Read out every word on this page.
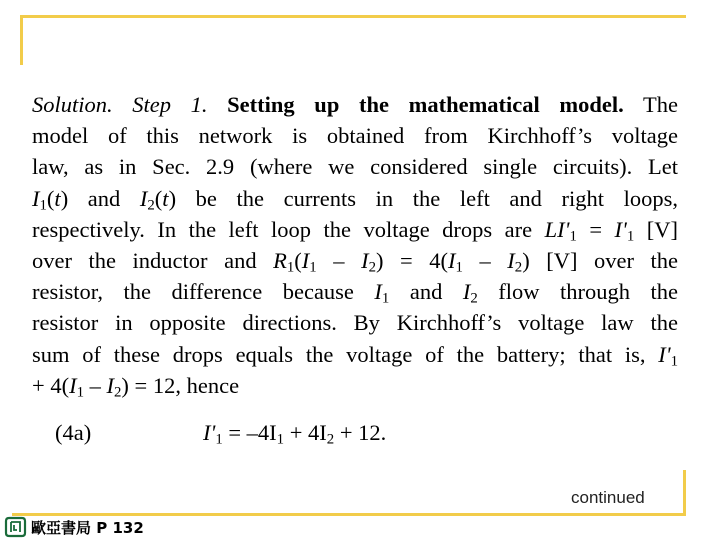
Solution. Step 1. Setting up the mathematical model. The
model of this network is obtained from Kirchhoff’s voltage
law, as in Sec. 2.9 (where we considered single circuits). Let
$I_1(t)$ and $I_2(t)$ be the currents in the left and right loops,
respectively. In the left loop the voltage drops are $LI'_1 = I'_1$ [V]
over the inductor and $R_1(I_1 - I_2) = 4(I_1 - I_2)$ [V] over the
resistor, the difference because $I_1$ and $I_2$ flow through the
resistor in opposite directions. By Kirchhoff’s voltage law the
sum of these drops equals the voltage of the battery; that is, $I'_1$
+ $4(I_1 - I_2) = 12$, hence
(4a)	$I'_1 = -4I_1 + 4I_2 + 12$.
continued
歐亞書局 P 132
